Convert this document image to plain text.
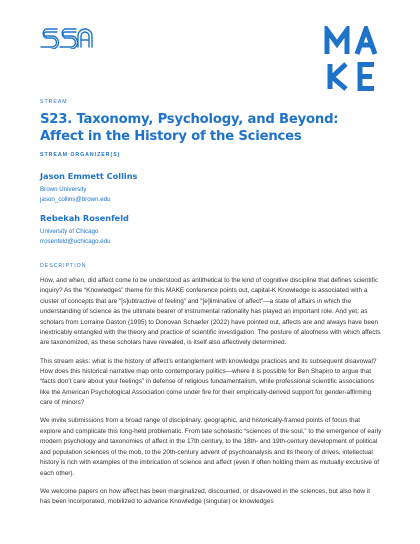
STREAM
S23. Taxonomy, Psychology, and Beyond:
Affect in the History of the Sciences
STREAM ORGANIZER(S)
Jason Emmett Collins
Brown University
jason_collins@brown.edu
Rebekah Rosenfeld
University of Chicago
rrosenfeld@uchicago.edu
DESCRIPTION

How, and when, did affect come to be understood as antithetical to the kind of cognitive discipline that defines scientific inquiry? As the “Knowledges” theme for this MAKE conference points out, capital-K Knowledge is associated with a cluster of concepts that are “[s]ubtractive of feeling” and “[e]liminative of affect”—a state of affairs in which the understanding of science as the ultimate bearer of instrumental rationality has played an important role. And yet, as scholars from Lorraine Daston (1995) to Donovan Schaefer (2022) have pointed out, affects are and always have been inextricably entangled with the theory and practice of scientific investigation. The posture of aloofness with which affects are taxonomized, as these scholars have revealed, is itself also affectively determined.

This stream asks: what is the history of affect’s entanglement with knowledge practices and its subsequent disavowal? How does this historical narrative map onto contemporary politics—where it is possible for Ben Shapiro to argue that “facts don’t care about your feelings” in defense of religious fundamentalism, while professional scientific associations like the American Psychological Association come under fire for their empirically-derived support for gender-affirming care of minors?

We invite submissions from a broad range of disciplinary, geographic, and historically-framed points of focus that explore and complicate this long-held problematic. From late scholastic “sciences of the soul,” to the emergence of early modern psychology and taxonomies of affect in the 17th century, to the 18th- and 19th-century development of political and population sciences of the mob, to the 20th-century advent of psychoanalysis and its theory of drives, intellectual history is rich with examples of the imbrication of science and affect (even if often holding them as mutually exclusive of each other).

We welcome papers on how affect has been marginalized, discounted, or disavowed in the sciences, but also how it has been incorporated, mobilized to advance Knowledge (singular) or knowledges
